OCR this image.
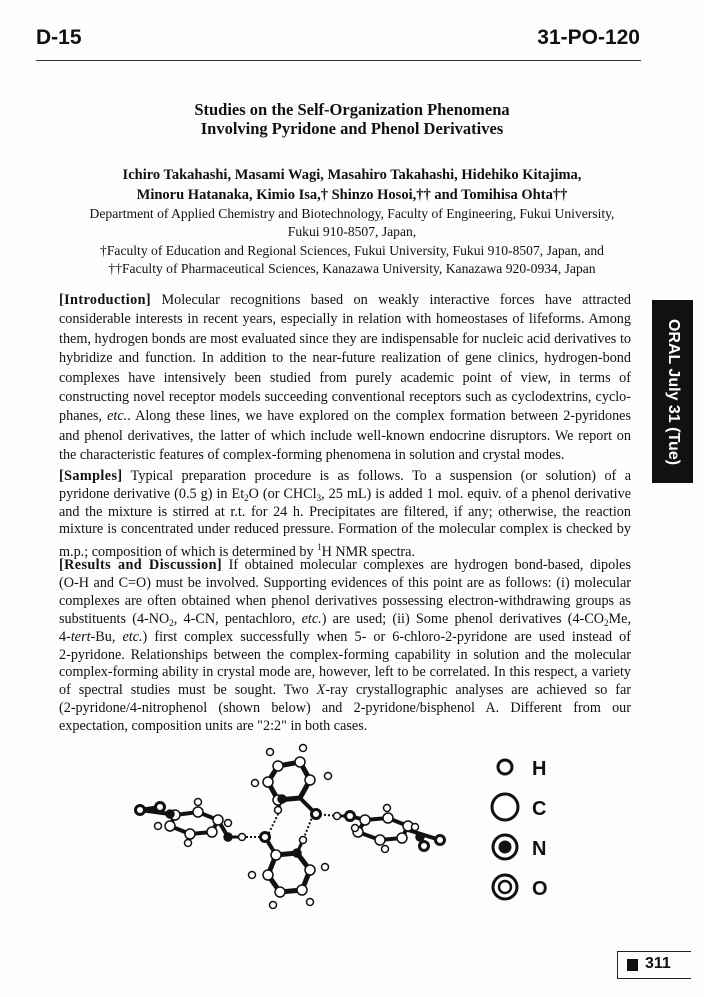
D-15	31-PO-120
Studies on the Self-Organization Phenomena
Involving Pyridone and Phenol Derivatives
Ichiro Takahashi, Masami Wagi, Masahiro Takahashi, Hidehiko Kitajima,
Minoru Hatanaka, Kimio Isa,† Shinzo Hosoi,†† and Tomihisa Ohta††
Department of Applied Chemistry and Biotechnology, Faculty of Engineering, Fukui University,
Fukui 910-8507, Japan,
†Faculty of Education and Regional Sciences, Fukui University, Fukui 910-8507, Japan, and
††Faculty of Pharmaceutical Sciences, Kanazawa University, Kanazawa 920-0934, Japan
[Introduction] Molecular recognitions based on weakly interactive forces have attracted
considerable interests in recent years, especially in relation with homeostases of lifeforms. Among
them, hydrogen bonds are most evaluated since they are indispensable for nucleic acid derivatives to
hybridize and function. In addition to the near-future realization of gene clinics, hydrogen-bond
complexes have intensively been studied from purely academic point of view, in terms of
constructing novel receptor models succeeding conventional receptors such as cyclodextrins, cyclo-
phanes, etc.. Along these lines, we have explored on the complex formation between 2-pyridones
and phenol derivatives, the latter of which include well-known endocrine disruptors. We report on
the characteristic features of complex-forming phenomena in solution and crystal modes.
[Samples] Typical preparation procedure is as follows. To a suspension (or solution) of a
pyridone derivative (0.5 g) in $Et_2O$ (or CHCl$_3$, 25 mL) is added 1 mol. equiv. of a phenol derivative
and the mixture is stirred at r.t. for 24 h. Precipitates are filtered, if any; otherwise, the reaction
mixture is concentrated under reduced pressure. Formation of the molecular complex is checked by
m.p.; composition of which is determined by $^1$H NMR spectra.
[Results and Discussion] If obtained molecular complexes are hydrogen bond-based, dipoles
(O-H and C=O) must be involved. Supporting evidences of this point are as follows: (i) molecular
complexes are often obtained when phenol derivatives possessing electron-withdrawing groups as
substituents ($4-NO_2$, 4-CN, pentachloro, etc.) are used; (ii) Some phenol derivatives ($4-CO_2Me$,
4-tert-Bu, etc.) first complex successfully when 5- or 6-chloro-2-pyridone are used instead of
2-pyridone. Relationships between the complex-forming capability in solution and the molecular
complex-forming ability in crystal mode are, however, left to be correlated. In this respect, a variety
of spectral studies must be sought. Two X-ray crystallographic analyses are achieved so far
(2-pyridone/4-nitrophenol (shown below) and 2-pyridone/bisphenol A. Different from our
expectation, composition units are "2:2" in both cases.
ORAL July 31 (Tue)
H
C
N
O
311
